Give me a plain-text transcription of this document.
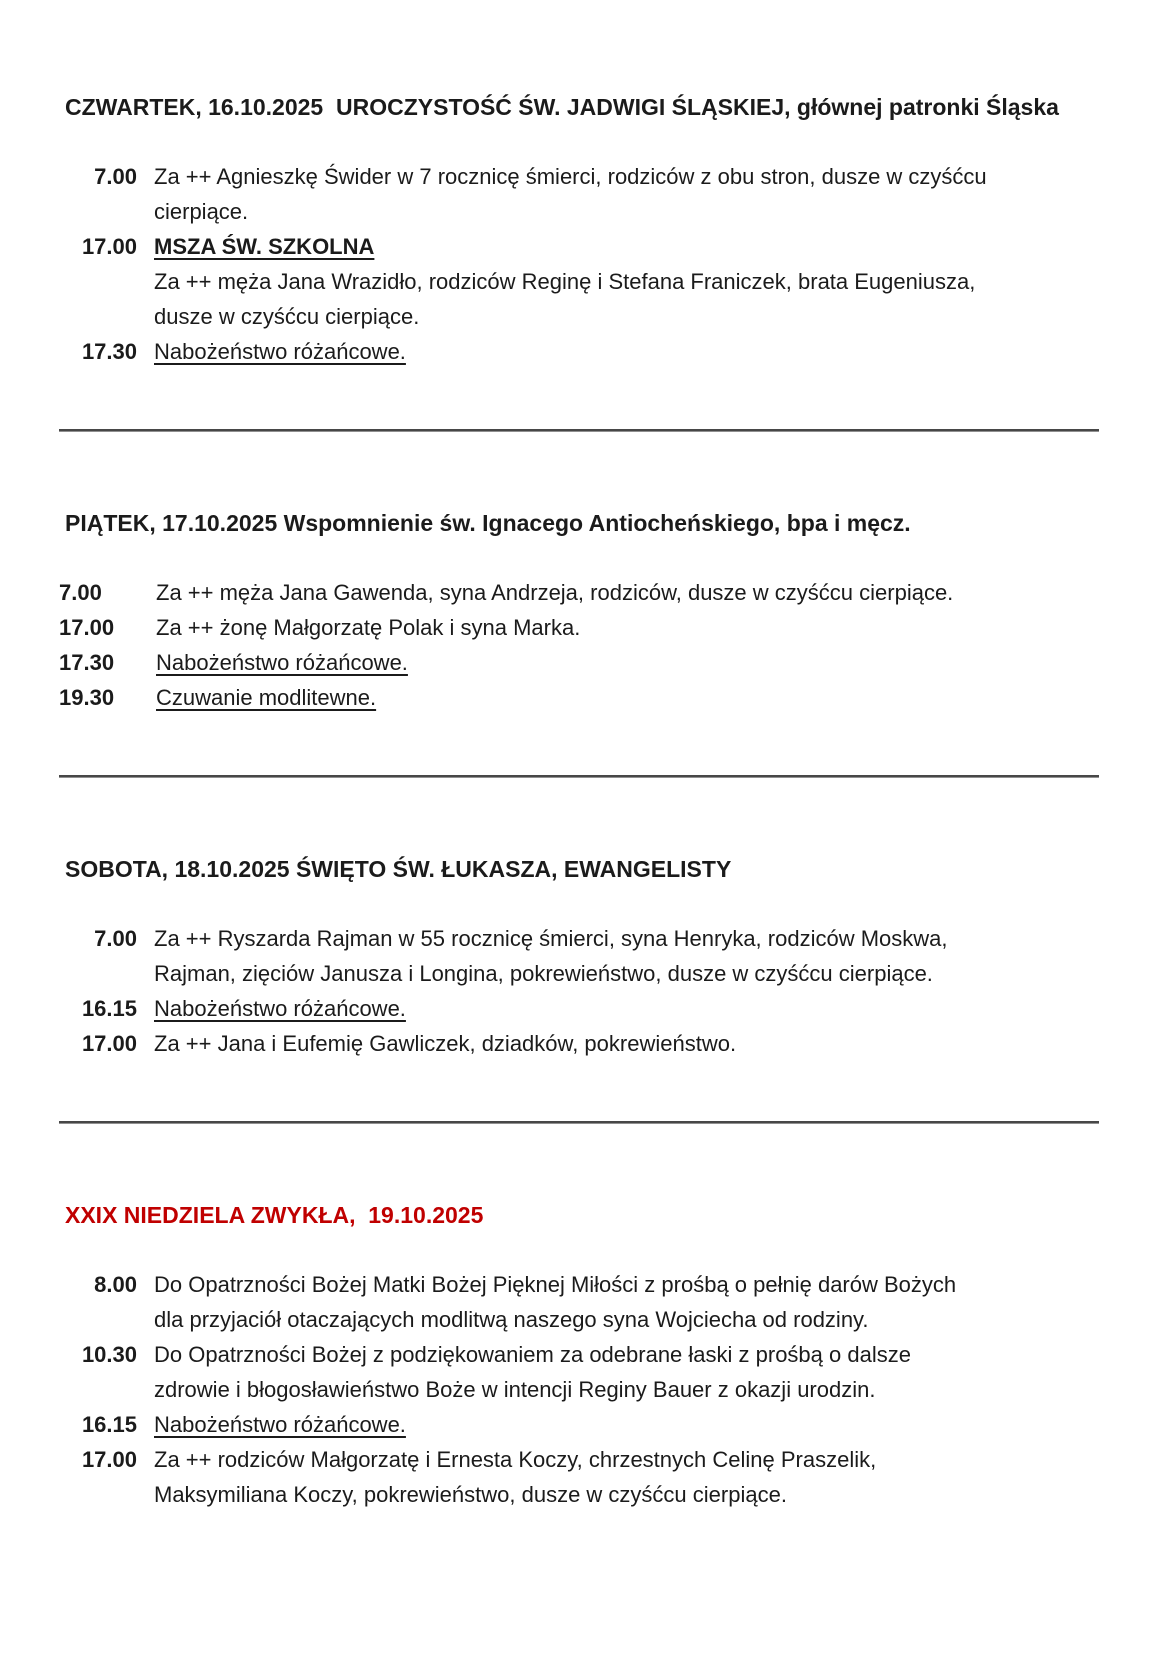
CZWARTEK, 16.10.2025  UROCZYSTOŚĆ ŚW. JADWIGI ŚLĄSKIEJ, głównej patronki Śląska
7.00 Za ++ Agnieszkę Świder w 7 rocznicę śmierci, rodziców z obu stron, dusze w czyśćcu
cierpiące.
17.00 MSZA ŚW. SZKOLNA
Za ++ męża Jana Wrazidło, rodziców Reginę i Stefana Franiczek, brata Eugeniusza,
dusze w czyśćcu cierpiące.
17.30 Nabożeństwo różańcowe.
PIĄTEK, 17.10.2025 Wspomnienie św. Ignacego Antiocheńskiego, bpa i męcz.
7.00	Za ++ męża Jana Gawenda, syna Andrzeja, rodziców, dusze w czyśćcu cierpiące.
17.00	Za ++ żonę Małgorzatę Polak i syna Marka.
17.30	Nabożeństwo różańcowe.
19.30	Czuwanie modlitewne.
SOBOTA, 18.10.2025 ŚWIĘTO ŚW. ŁUKASZA, EWANGELISTY
7.00 Za ++ Ryszarda Rajman w 55 rocznicę śmierci, syna Henryka, rodziców Moskwa,
Rajman, zięciów Janusza i Longina, pokrewieństwo, dusze w czyśćcu cierpiące.
16.15 Nabożeństwo różańcowe.
17.00 Za ++ Jana i Eufemię Gawliczek, dziadków, pokrewieństwo.
XXIX NIEDZIELA ZWYKŁA,  19.10.2025
8.00 Do Opatrzności Bożej Matki Bożej Pięknej Miłości z prośbą o pełnię darów Bożych
dla przyjaciół otaczających modlitwą naszego syna Wojciecha od rodziny.
10.30 Do Opatrzności Bożej z podziękowaniem za odebrane łaski z prośbą o dalsze
zdrowie i błogosławieństwo Boże w intencji Reginy Bauer z okazji urodzin.
16.15 Nabożeństwo różańcowe.
17.00 Za ++ rodziców Małgorzatę i Ernesta Koczy, chrzestnych Celinę Praszelik,
Maksymiliana Koczy, pokrewieństwo, dusze w czyśćcu cierpiące.
